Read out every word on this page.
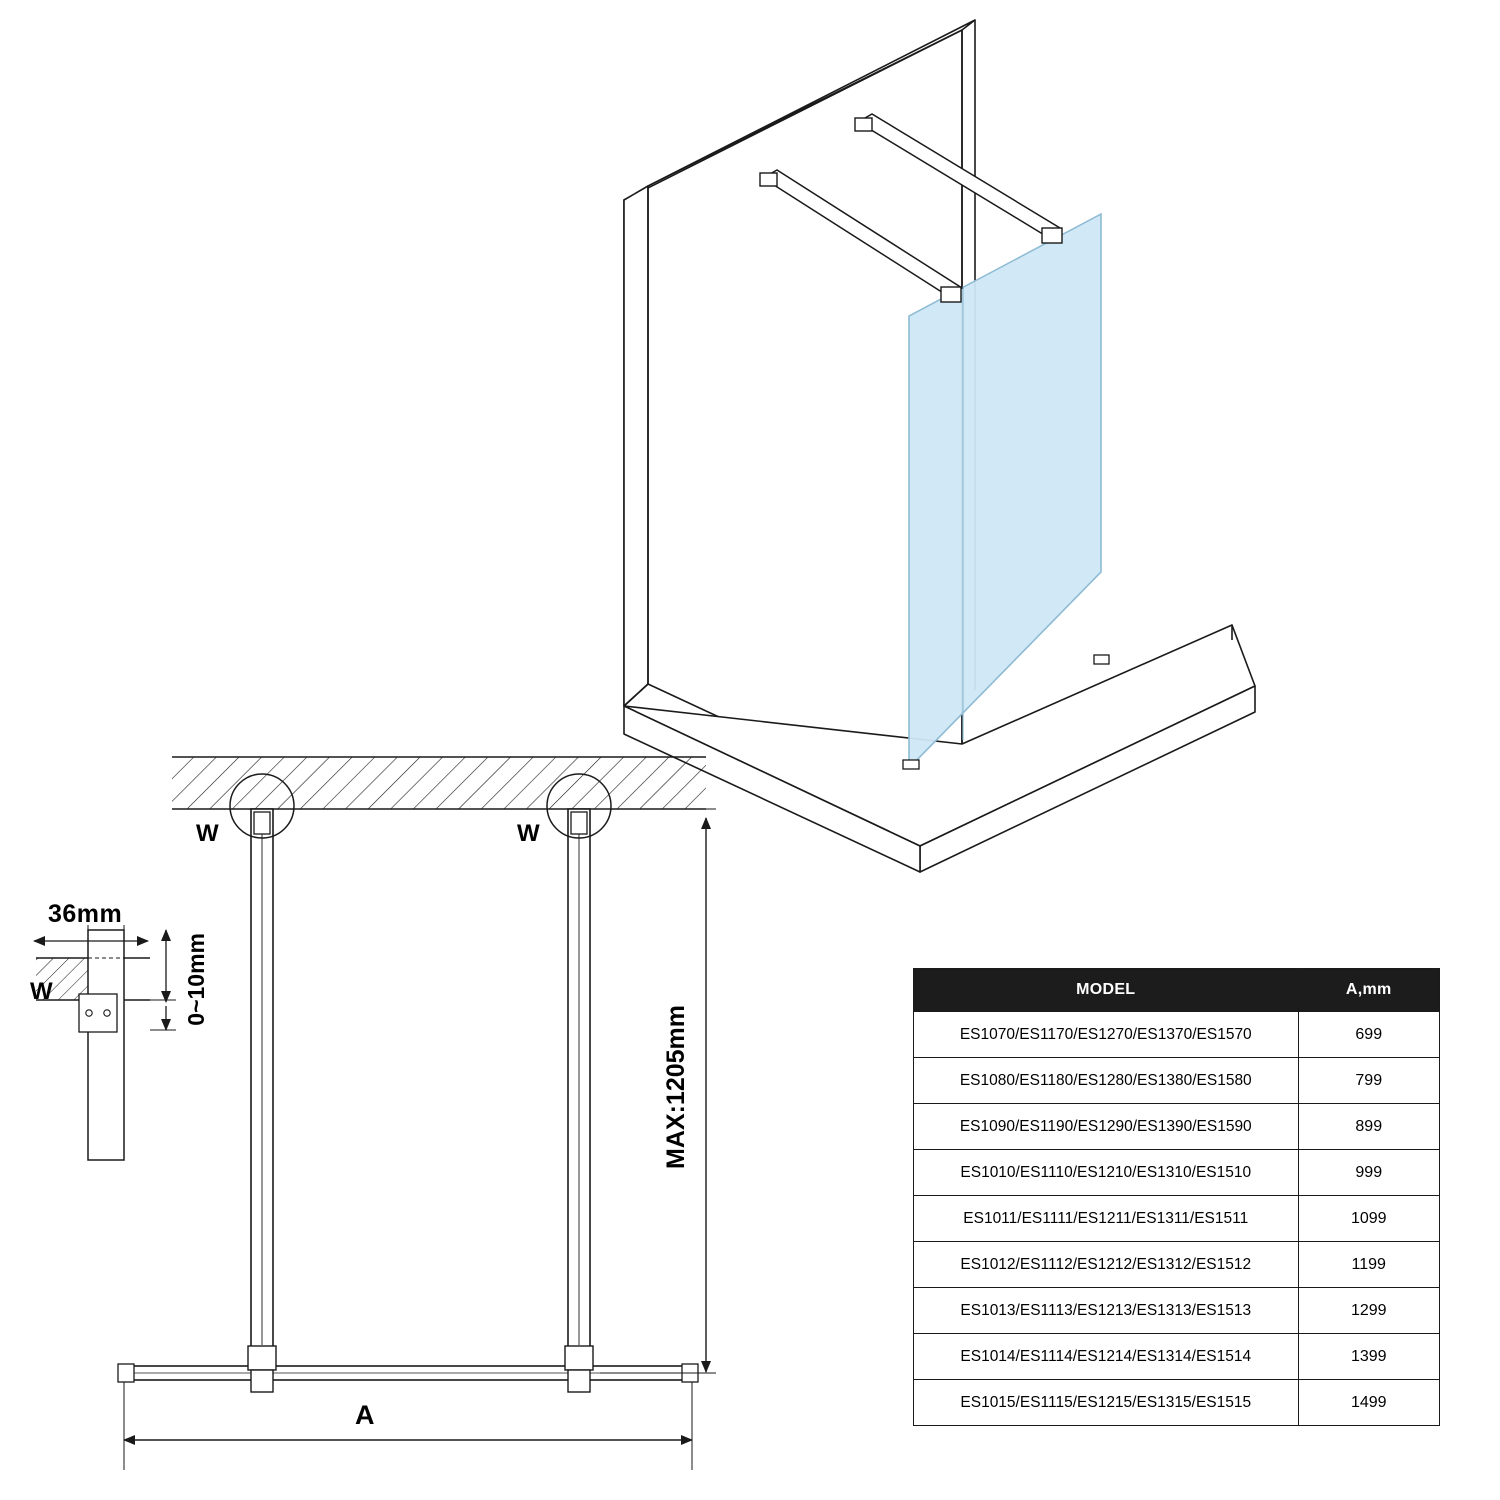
36mm
0~10mm
MAX:1205mm
A
W	W
W	MODEL	A,mm
ES1070/ES1170/ES1270/ES1370/ES1570	699
ES1080/ES1180/ES1280/ES1380/ES1580	799
ES1090/ES1190/ES1290/ES1390/ES1590	899
ES1010/ES1110/ES1210/ES1310/ES1510	999
ES1011/ES1111/ES1211/ES1311/ES1511	1099
ES1012/ES1112/ES1212/ES1312/ES1512	1199
ES1013/ES1113/ES1213/ES1313/ES1513	1299
ES1014/ES1114/ES1214/ES1314/ES1514	1399
ES1015/ES1115/ES1215/ES1315/ES1515	1499
